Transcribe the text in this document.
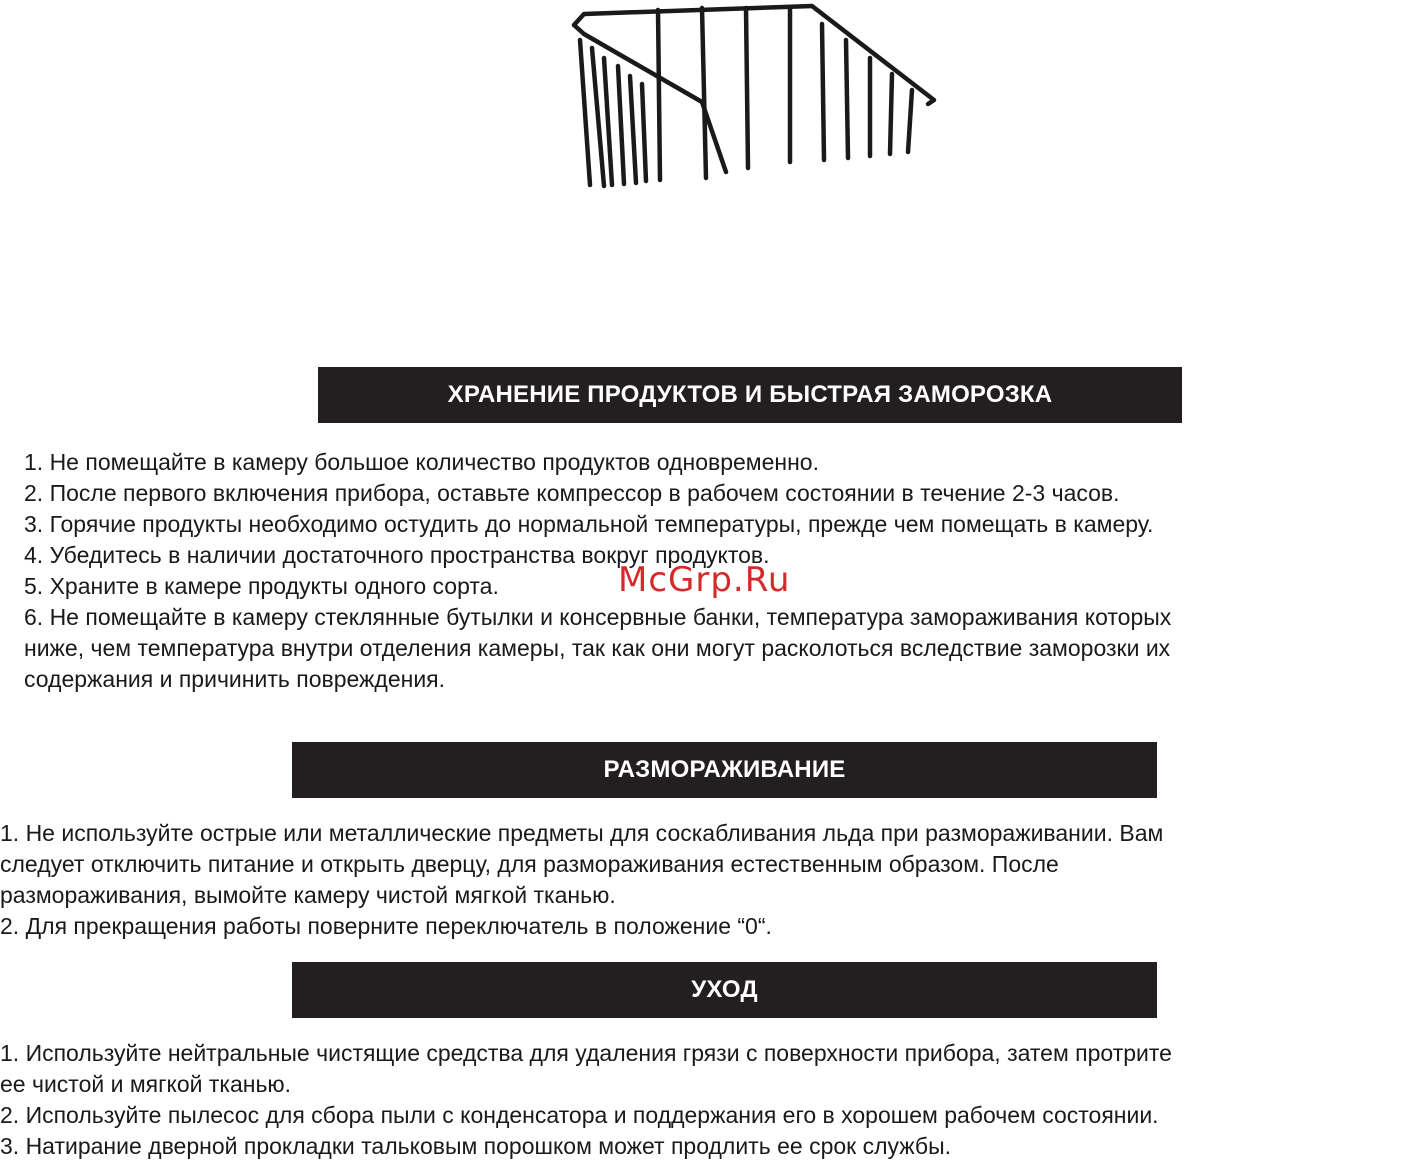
ХРАНЕНИЕ ПРОДУКТОВ И БЫСТРАЯ ЗАМОРОЗКА
1. Не помещайте в камеру большое количество продуктов одновременно.
2. После первого включения прибора, оставьте компрессор в рабочем состоянии в течение 2-3 часов.
3. Горячие продукты необходимо остудить до нормальной температуры, прежде чем помещать в камеру.
4. Убедитесь в наличии достаточного пространства вокруг продуктов.
5. Храните в камере продукты одного сорта.
6. Не помещайте в камеру стеклянные бутылки и консервные банки, температура замораживания которых
ниже, чем температура внутри отделения камеры, так как они могут расколоться вследствие заморозки их
содержания и причинить повреждения.
McGrp.Ru
РАЗМОРАЖИВАНИЕ
1. Не используйте острые или металлические предметы для соскабливания льда при размораживании. Вам
следует отключить питание и открыть дверцу, для размораживания естественным образом. После
размораживания, вымойте камеру чистой мягкой тканью.
2. Для прекращения работы поверните переключатель в положение “0“.
УХОД
1. Используйте нейтральные чистящие средства для удаления грязи с поверхности прибора, затем протрите
ее чистой и мягкой тканью.
2. Используйте пылесос для сбора пыли с конденсатора и поддержания его в хорошем рабочем состоянии.
3. Натирание дверной прокладки тальковым порошком может продлить ее срок службы.
